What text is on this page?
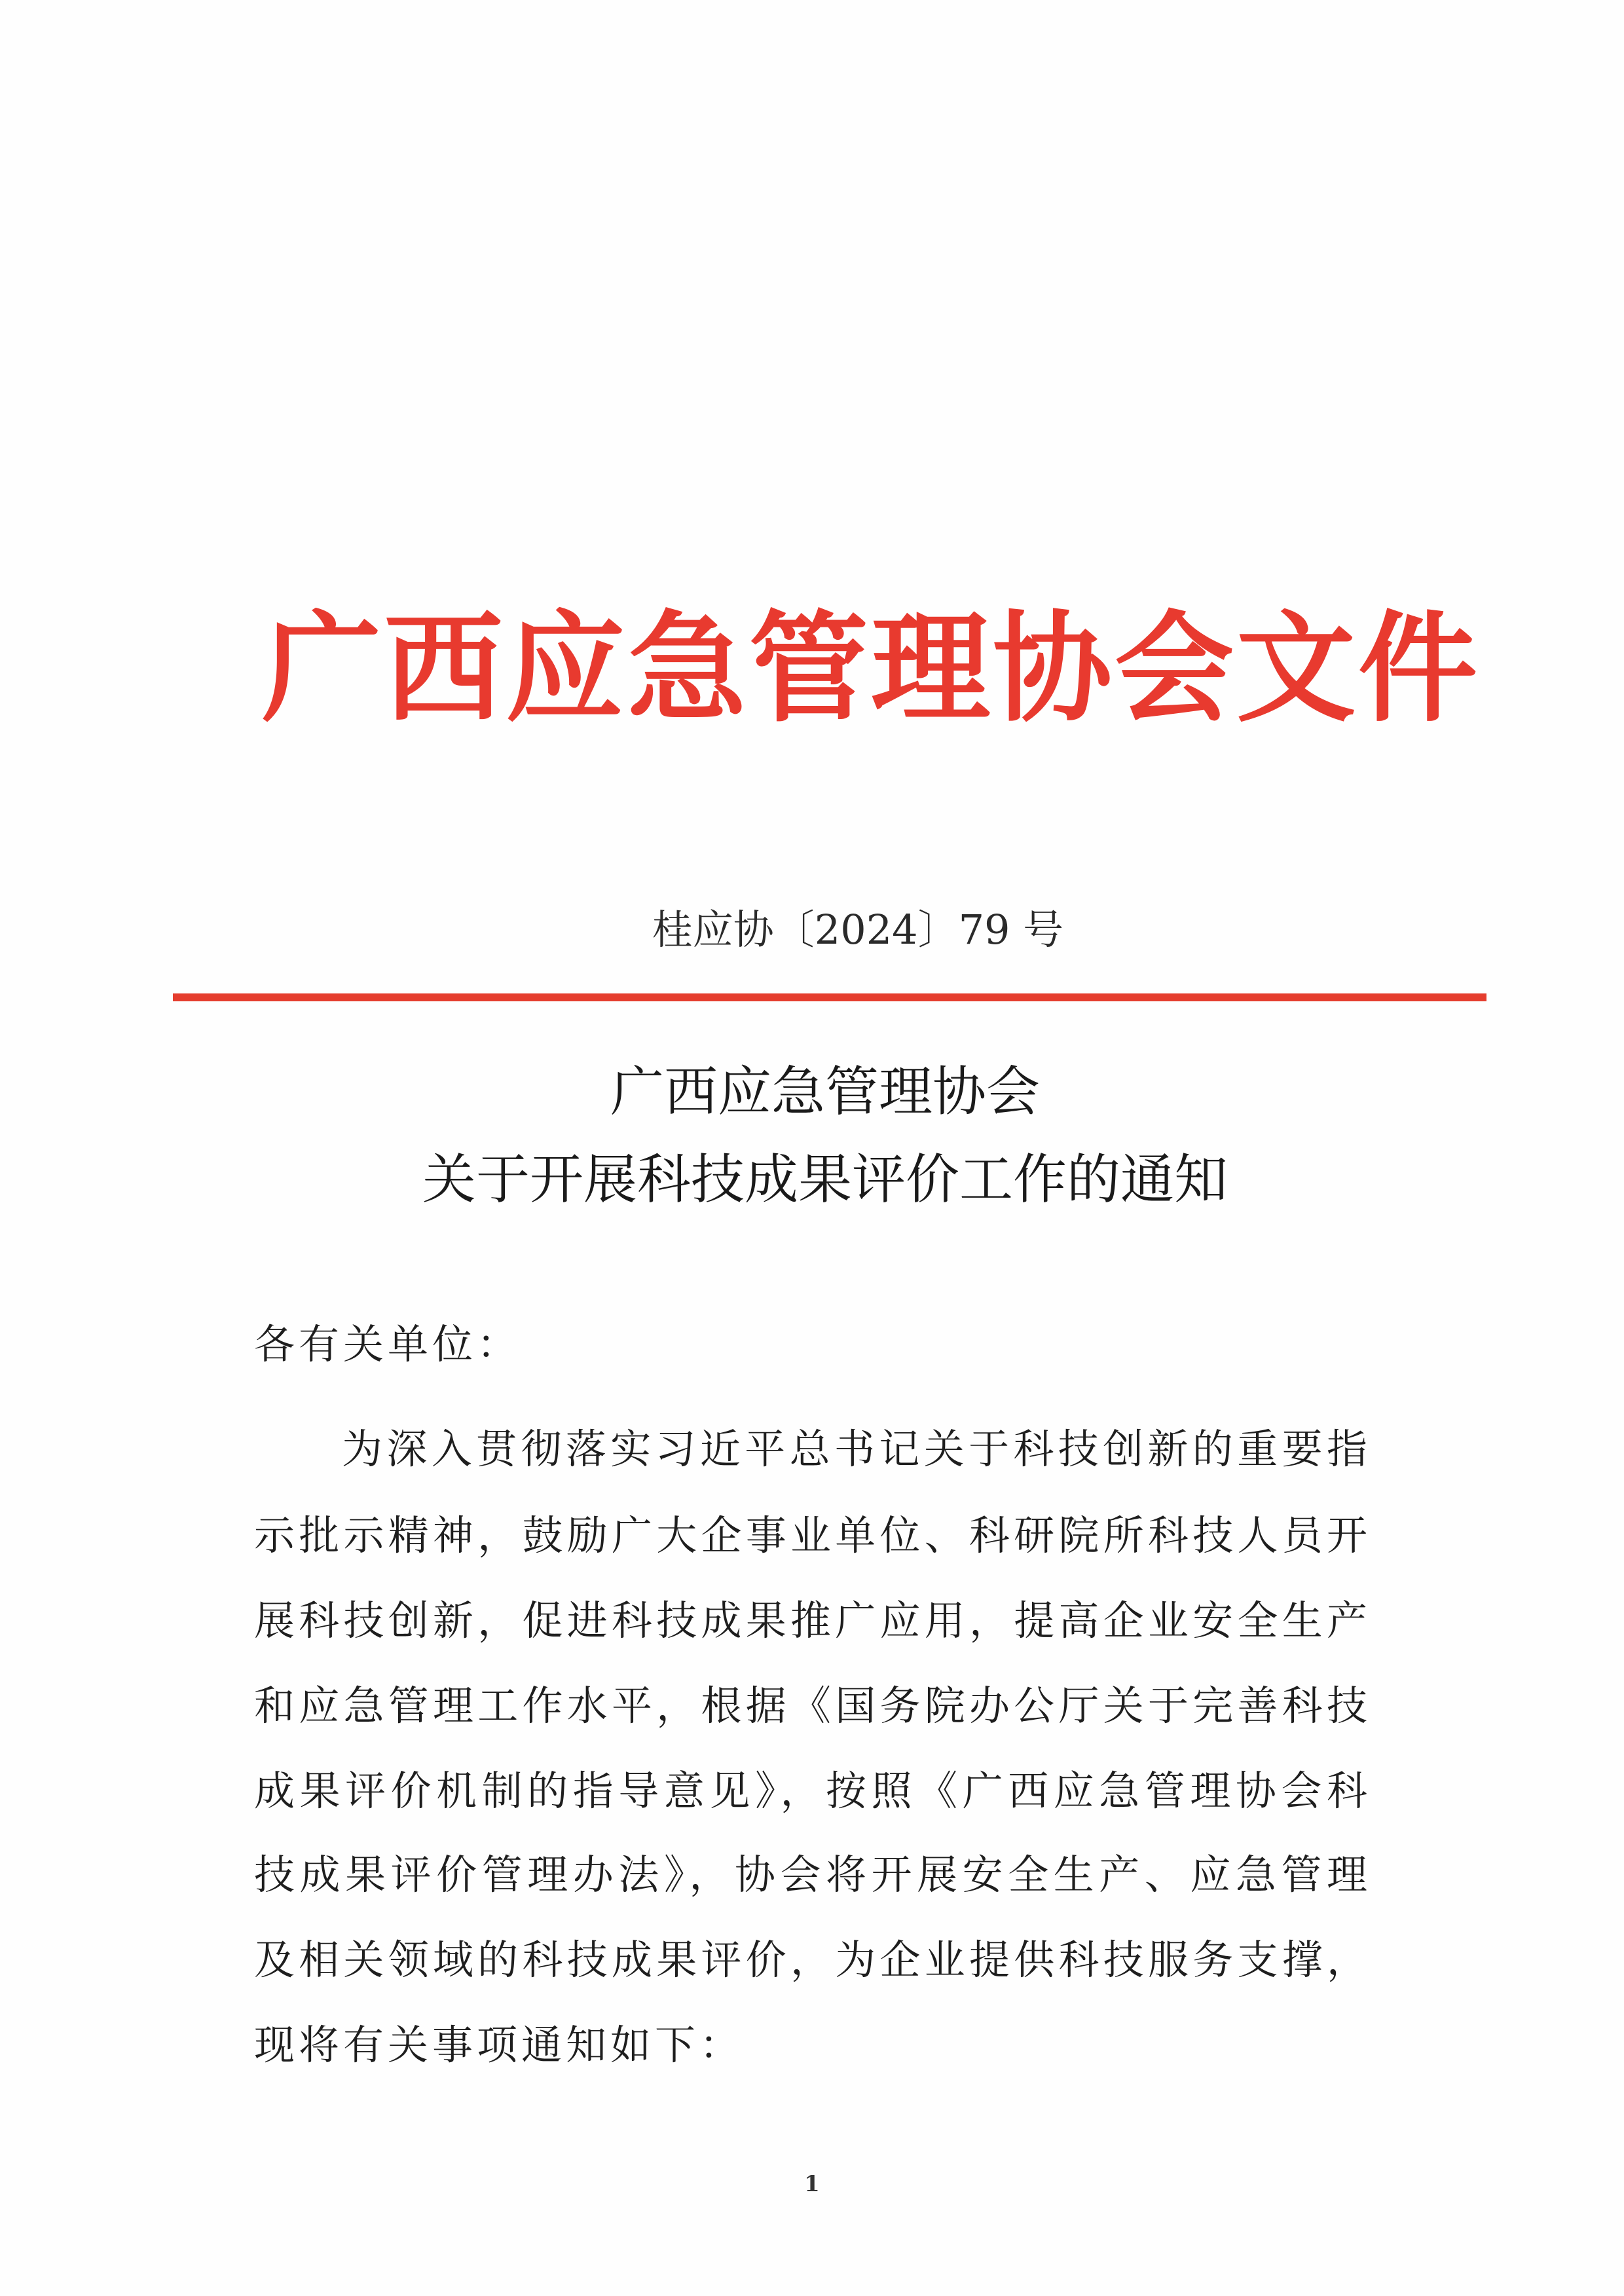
广西应急管理协会文件
桂应协〔2024〕79 号
广西应急管理协会
关于开展科技成果评价工作的通知
各有关单位：
为深入贯彻落实习近平总书记关于科技创新的重要指
示批示精神，鼓励广大企事业单位、科研院所科技人员开
展科技创新，促进科技成果推广应用，提高企业安全生产
和应急管理工作水平，根据《国务院办公厅关于完善科技
成果评价机制的指导意见》，按照《广西应急管理协会科
技成果评价管理办法》，协会将开展安全生产、应急管理
及相关领域的科技成果评价，为企业提供科技服务支撑，
现将有关事项通知如下：
1
